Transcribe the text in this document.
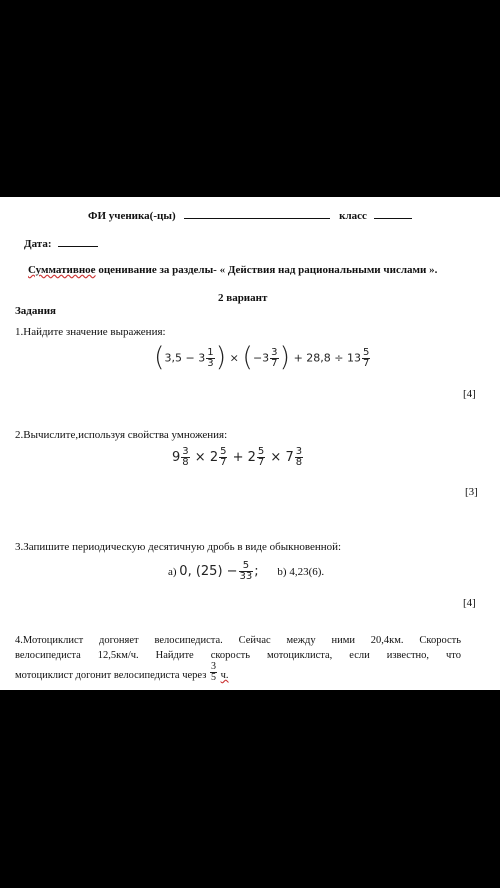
ФИ ученика(-цы)	класс
Дата:
Суммативное оценивание за разделы- « Действия над рациональными числами ».
2 вариант
Задания
1.Найдите значение выражения:
($3,5 - 3 \frac{1}{3}$ ) × ($-3 \frac{3}{7}$ ) + $28,8 \div 13 \frac{5}{7}$
[4]
2.Вычислите,используя свойства умножения:
$9 \frac{3}{8} \times 2 \frac{5}{7} + 2 \frac{5}{7} \times 7 \frac{3}{8}$
[3]
3.Запишите периодическую десятичную дробь в виде обыкновенной:
а) 0, $(25) - \frac{5}{33}$ ; b) 4,23(6).
[4]
4.Мотоциклист догоняет велосипедиста. Сейчас между ними 20,4км. Скорость
велосипедиста 12,5км/ч. Найдите скорость мотоциклиста, если известно, что
мотоциклист догонит велосипедиста через $\frac{3}{5} ч$.
